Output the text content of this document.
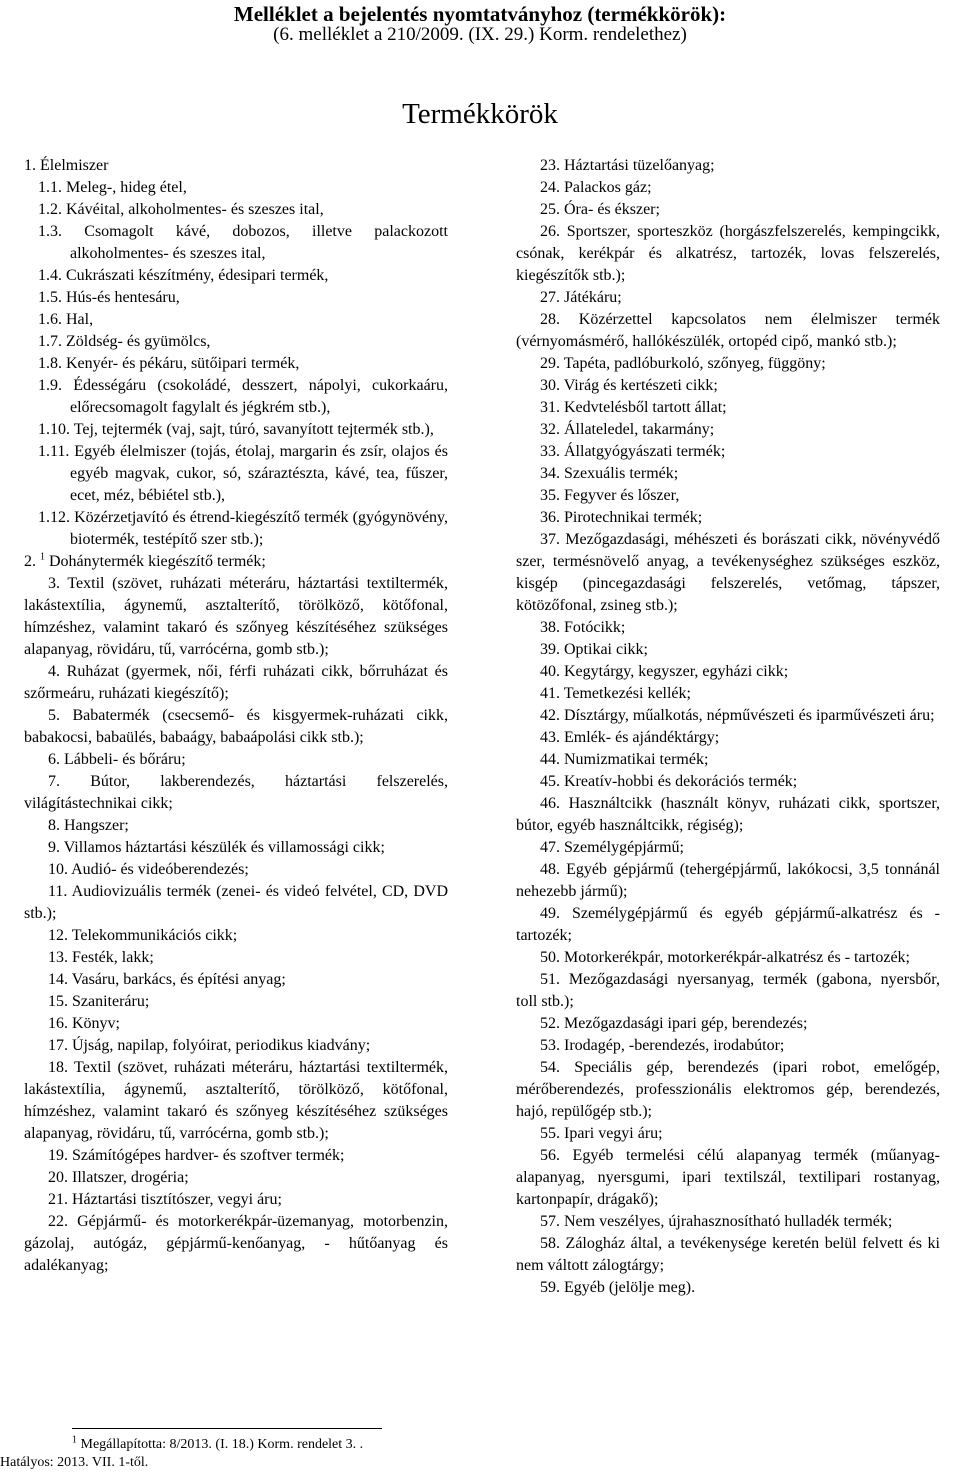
Melléklet a bejelentés nyomtatványhoz (termékkörök):
(6. melléklet a 210/2009. (IX. 29.) Korm. rendelethez)
Termékkörök
1. Élelmiszer
1.1. Meleg-, hideg étel,
1.2. Kávéital, alkoholmentes- és szeszes ital,
1.3. Csomagolt kávé, dobozos, illetve palackozott alkoholmentes- és szeszes ital,
1.4. Cukrászati készítmény, édesipari termék,
1.5. Hús-és hentesáru,
1.6. Hal,
1.7. Zöldség- és gyümölcs,
1.8. Kenyér- és pékáru, sütőipari termék,
1.9. Édességáru (csokoládé, desszert, nápolyi, cukorkaáru, előrecsomagolt fagylalt és jégkrém stb.),
1.10. Tej, tejtermék (vaj, sajt, túró, savanyított tejtermék stb.),
1.11. Egyéb élelmiszer (tojás, étolaj, margarin és zsír, olajos és egyéb magvak, cukor, só, száraztészta, kávé, tea, fűszer, ecet, méz, bébiétel stb.),
1.12. Közérzetjavító és étrend-kiegészítő termék (gyógynövény, biotermék, testépítő szer stb.);
2. $^1$ Dohánytermék kiegészítő termék;
3. Textil (szövet, ruházati méteráru, háztartási textiltermék, lakástextília, ágynemű, asztalterítő, törölköző, kötőfonal, hímzéshez, valamint takaró és szőnyeg készítéséhez szükséges alapanyag, rövidáru, tű, varrócérna, gomb stb.);
4. Ruházat (gyermek, női, férfi ruházati cikk, bőrruházat és szőrmeáru, ruházati kiegészítő);
5. Babatermék (csecsemő- és kisgyermek-ruházati cikk, babakocsi, babaülés, babaágy, babaápolási cikk stb.);
6. Lábbeli- és bőráru;
7. Bútor, lakberendezés, háztartási felszerelés, világítástechnikai cikk;
8. Hangszer;
9. Villamos háztartási készülék és villamossági cikk;
10. Audió- és videóberendezés;
11. Audiovizuális termék (zenei- és videó felvétel, CD, DVD stb.);
12. Telekommunikációs cikk;
13. Festék, lakk;
14. Vasáru, barkács, és építési anyag;
15. Szaniteráru;
16. Könyv;
17. Újság, napilap, folyóirat, periodikus kiadvány;
18. Textil (szövet, ruházati méteráru, háztartási textiltermék, lakástextília, ágynemű, asztalterítő, törölköző, kötőfonal, hímzéshez, valamint takaró és szőnyeg készítéséhez szükséges alapanyag, rövidáru, tű, varrócérna, gomb stb.);
19. Számítógépes hardver- és szoftver termék;
20. Illatszer, drogéria;
21. Háztartási tisztítószer, vegyi áru;
22. Gépjármű- és motorkerékpár-üzemanyag, motorbenzin, gázolaj, autógáz, gépjármű-kenőanyag, - hűtőanyag és adalékanyag;
23. Háztartási tüzelőanyag;
24. Palackos gáz;
25. Óra- és ékszer;
26. Sportszer, sporteszköz (horgászfelszerelés, kempingcikk, csónak, kerékpár és alkatrész, tartozék, lovas felszerelés, kiegészítők stb.);
27. Játékáru;
28. Közérzettel kapcsolatos nem élelmiszer termék (vérnyomásmérő, hallókészülék, ortopéd cipő, mankó stb.);
29. Tapéta, padlóburkoló, szőnyeg, függöny;
30. Virág és kertészeti cikk;
31. Kedvtelésből tartott állat;
32. Állateledel, takarmány;
33. Állatgyógyászati termék;
34. Szexuális termék;
35. Fegyver és lőszer,
36. Pirotechnikai termék;
37. Mezőgazdasági, méhészeti és borászati cikk, növényvédő szer, termésnövelő anyag, a tevékenységhez szükséges eszköz, kisgép (pincegazdasági felszerelés, vetőmag, tápszer, kötözőfonal, zsineg stb.);
38. Fotócikk;
39. Optikai cikk;
40. Kegytárgy, kegyszer, egyházi cikk;
41. Temetkezési kellék;
42. Dísztárgy, műalkotás, népművészeti és iparművészeti áru;
43. Emlék- és ajándéktárgy;
44. Numizmatikai termék;
45. Kreatív-hobbi és dekorációs termék;
46. Használtcikk (használt könyv, ruházati cikk, sportszer, bútor, egyéb használtcikk, régiség);
47. Személygépjármű;
48. Egyéb gépjármű (tehergépjármű, lakókocsi, 3,5 tonnánál nehezebb jármű);
49. Személygépjármű és egyéb gépjármű-alkatrész és - tartozék;
50. Motorkerékpár, motorkerékpár-alkatrész és - tartozék;
51. Mezőgazdasági nyersanyag, termék (gabona, nyersbőr, toll stb.);
52. Mezőgazdasági ipari gép, berendezés;
53. Irodagép, -berendezés, irodabútor;
54. Speciális gép, berendezés (ipari robot, emelőgép, mérőberendezés, professzionális elektromos gép, berendezés, hajó, repülőgép stb.);
55. Ipari vegyi áru;
56. Egyéb termelési célú alapanyag termék (műanyag-alapanyag, nyersgumi, ipari textilszál, textilipari rostanyag, kartonpapír, drágakő);
57. Nem veszélyes, újrahasznosítható hulladék termék;
58. Zálogház által, a tevékenysége keretén belül felvett és ki nem váltott zálogtárgy;
59. Egyéb (jelölje meg).
$^1$ Megállapította: 8/2013. (I. 18.) Korm. rendelet 3. .
Hatályos: 2013. VII. 1-től.
